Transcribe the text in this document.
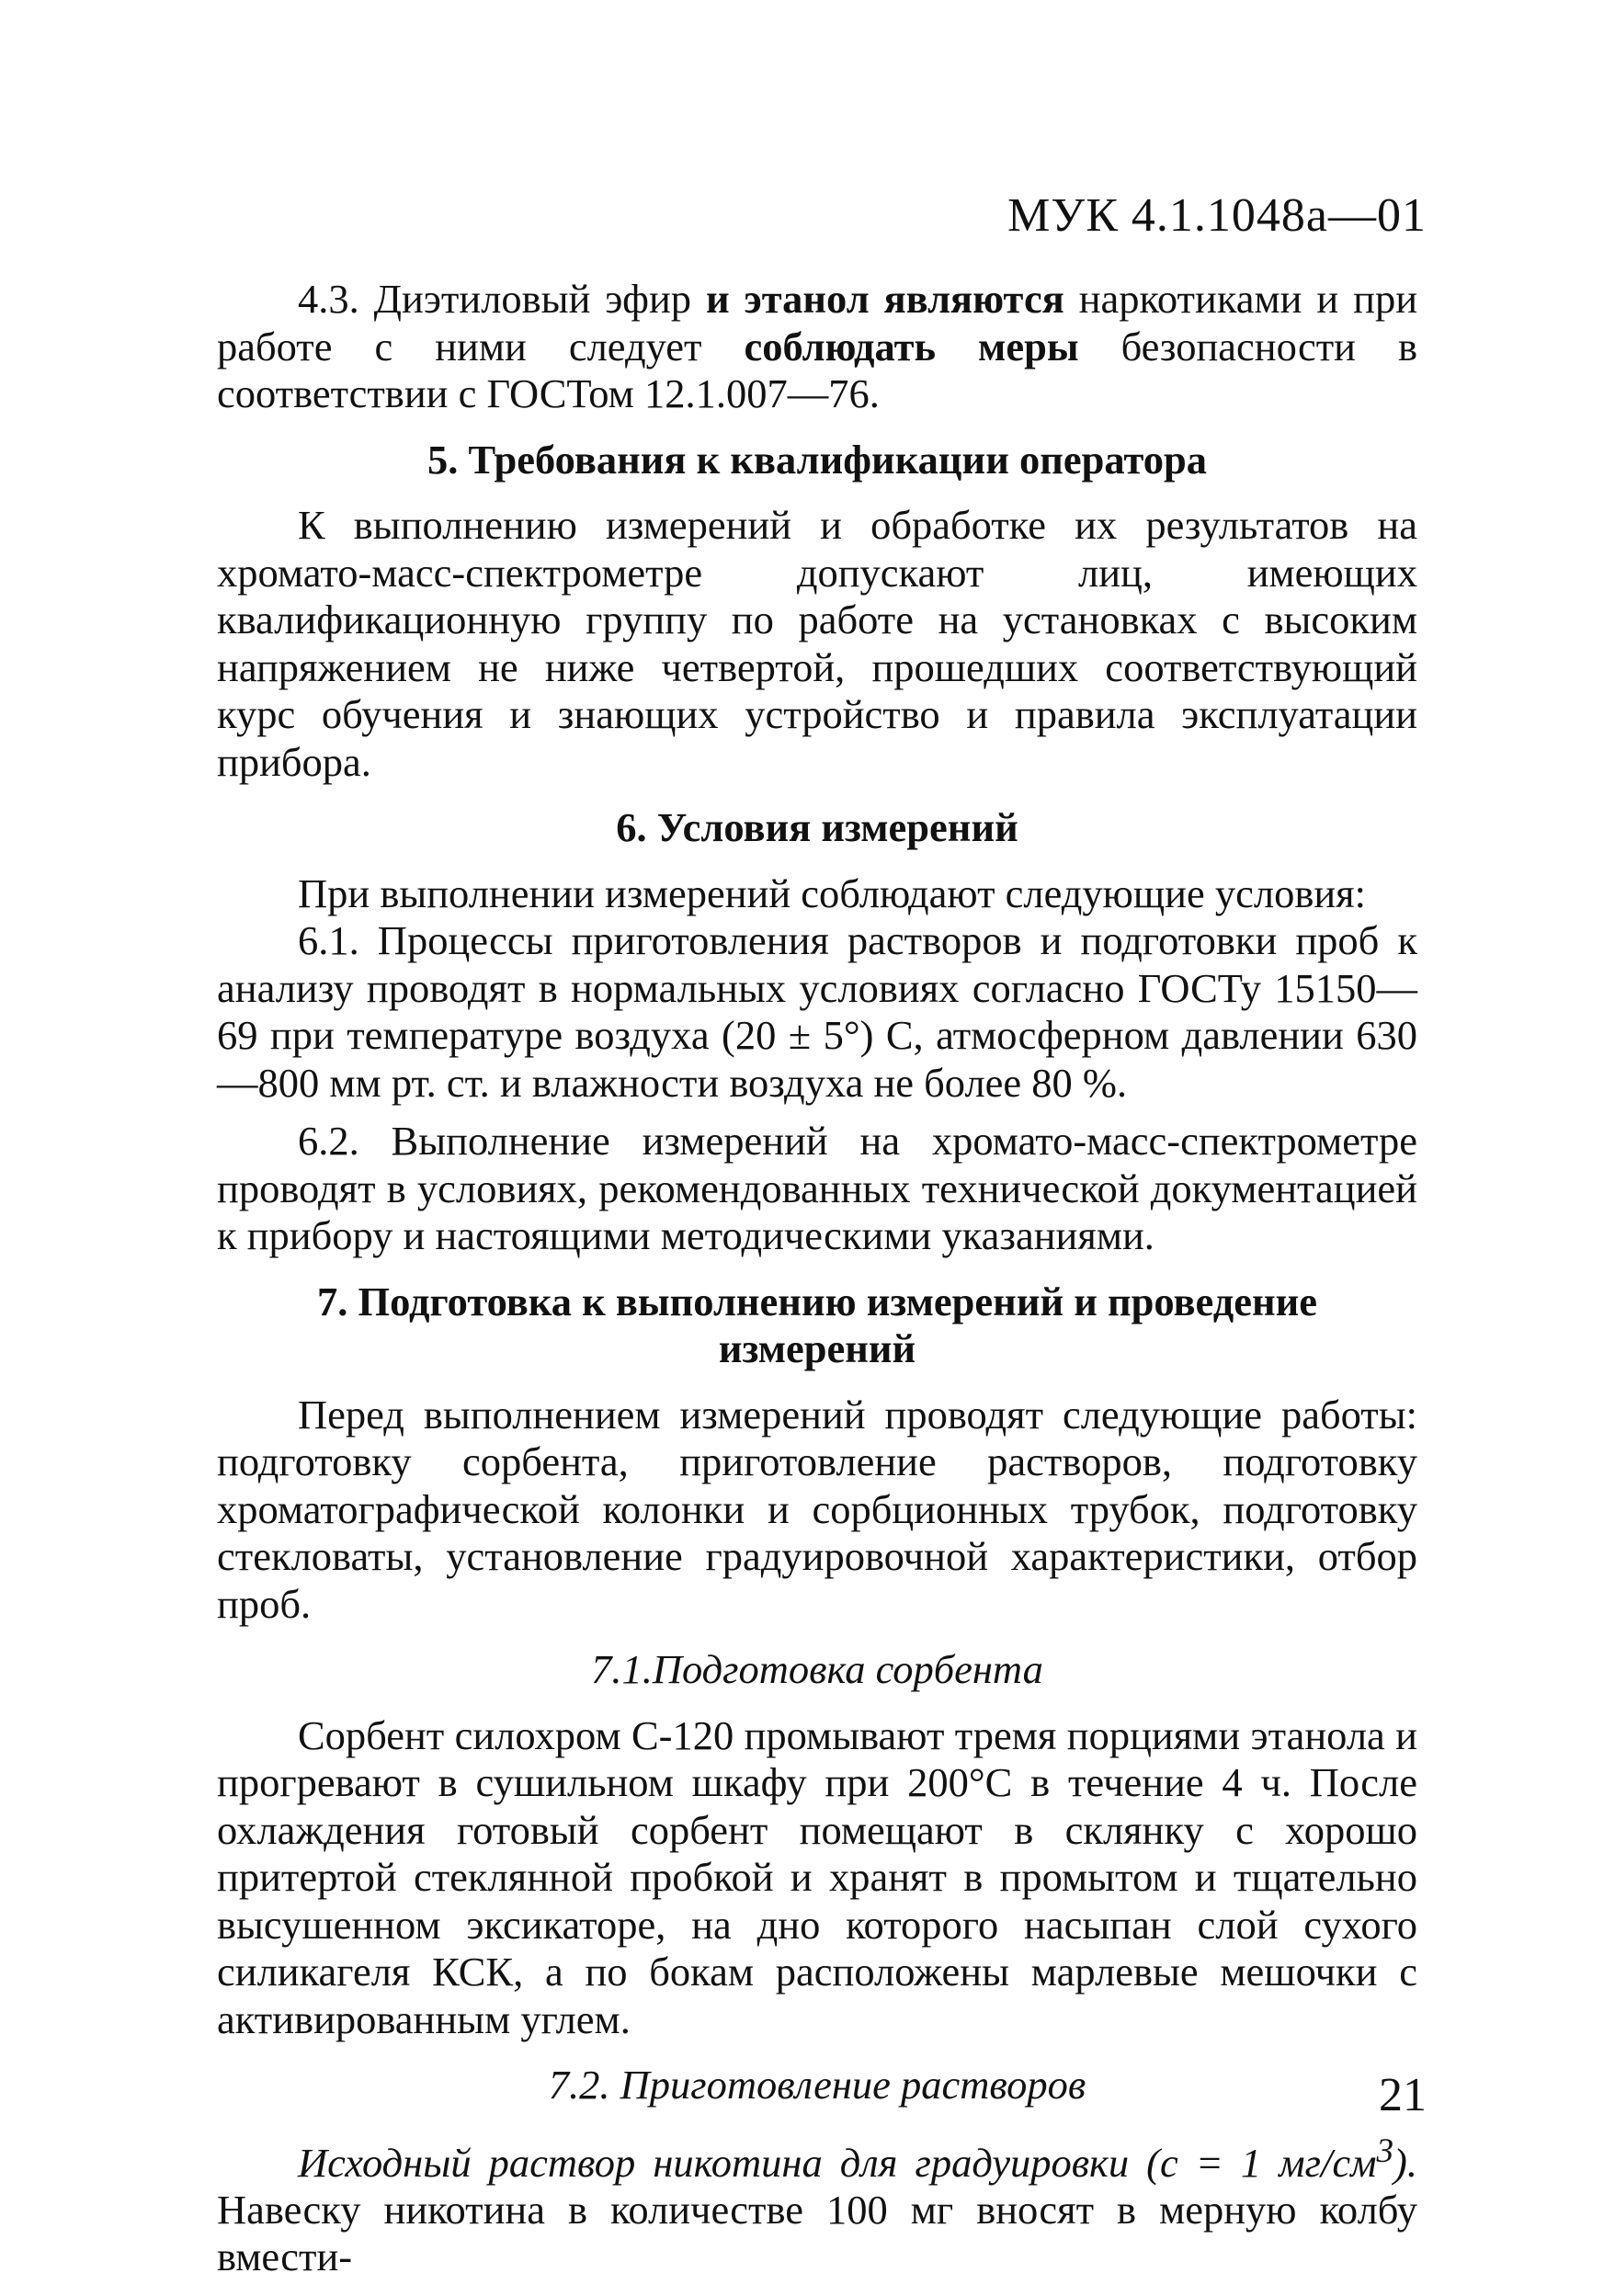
МУК 4.1.1048а—01

4.3. Диэтиловый эфир и этанол являются наркотиками и при работе с ними следует соблюдать меры безопасности в соответствии с ГОСТом 12.1.007—76.

5. Требования к квалификации оператора

К выполнению измерений и обработке их результатов на хромато-масс-спектрометре допускают лиц, имеющих квалификационную группу по работе на установках с высоким напряжением не ниже четвертой, прошедших соответствующий курс обучения и знающих устройство и правила эксплуатации прибора.

6. Условия измерений

При выполнении измерений соблюдают следующие условия:

6.1. Процессы приготовления растворов и подготовки проб к анализу проводят в нормальных условиях согласно ГОСТу 15150—69 при температуре воздуха (20 ± 5°) С, атмосферном давлении 630—800 мм рт. ст. и влажности воздуха не более 80 %.

6.2. Выполнение измерений на хромато-масс-спектрометре проводят в условиях, рекомендованных технической документацией к прибору и настоящими методическими указаниями.

7. Подготовка к выполнению измерений и проведение измерений

Перед выполнением измерений проводят следующие работы: подготовку сорбента, приготовление растворов, подготовку хроматографической колонки и сорбционных трубок, подготовку стекловаты, установление градуировочной характеристики, отбор проб.

7.1.Подготовка сорбента

Сорбент силохром С-120 промывают тремя порциями этанола и прогревают в сушильном шкафу при 200°С в течение 4 ч. После охлаждения готовый сорбент помещают в склянку с хорошо притертой стеклянной пробкой и хранят в промытом и тщательно высушенном эксикаторе, на дно которого насыпан слой сухого силикагеля КСК, а по бокам расположены марлевые мешочки с активированным углем.

7.2. Приготовление растворов

Исходный раствор никотина для градуировки (с = 1 $мг/см^3$). Навеску никотина в количестве 100 мг вносят в мерную колбу вмести-

21
